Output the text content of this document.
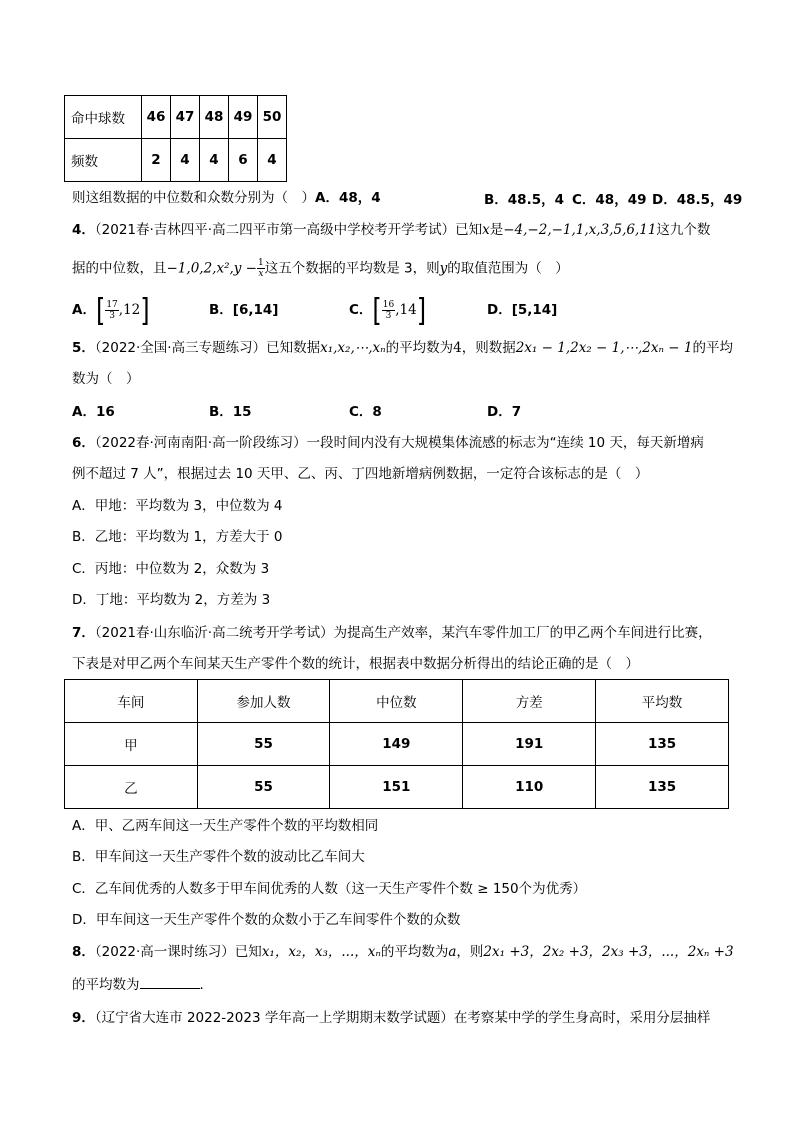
命中球数	46	47	48	49	50
频数	2	4	4	6	4
则这组数据的中位数和众数分别为（　）A．48，4	B．48.5，4 C．48，49 D．48.5，49
4．（2021春·吉林四平·高二四平市第一高级中学校考开学考试）已知x是−4,−2,−1,1,x,3,5,6,11这九个数
据的中位数，且$-1,0,2,x^2,y - \frac{1}{x}$ 这五个数据的平均数是 3，则y的取值范围为（　）
A．[ $\frac{17}{3} ,12$]	B．[6,14]	C．[ $\frac{16}{3} ,14$]	D．[5,14]
5．（2022·全国·高三专题练习）已知数据x₁,x₂,⋯,xₙ的平均数为4，则数据2x₁ − 1,2x₂ − 1,⋯,2xₙ − 1的平均
数为（　）
A．16	B．15	C．8	D．7
6．（2022春·河南南阳·高一阶段练习）一段时间内没有大规模集体流感的标志为“连续 10 天，每天新增病
例不超过 7 人”，根据过去 10 天甲、乙、丙、丁四地新增病例数据，一定符合该标志的是（　）
A．甲地：平均数为 3，中位数为 4
B．乙地：平均数为 1，方差大于 0
C．丙地：中位数为 2，众数为 3
D．丁地：平均数为 2，方差为 3
7．（2021春·山东临沂·高二统考开学考试）为提高生产效率，某汽车零件加工厂的甲乙两个车间进行比赛，
下表是对甲乙两个车间某天生产零件个数的统计，根据表中数据分析得出的结论正确的是（　）
车间	参加人数	中位数	方差	平均数
甲	55	149	191	135
乙	55	151	110	135
A．甲、乙两车间这一天生产零件个数的平均数相同
B．甲车间这一天生产零件个数的波动比乙车间大
C．乙车间优秀的人数多于甲车间优秀的人数（这一天生产零件个数 ≥ 150个为优秀）
D．甲车间这一天生产零件个数的众数小于乙车间零件个数的众数
8．（2022·高一课时练习）已知x₁，x₂，x₃，...，xₙ的平均数为a，则2x₁ +3，2x₂ +3，2x₃ +3，...，2xₙ +3
的平均数为	．
9．（辽宁省大连市 2022-2023 学年高一上学期期末数学试题）在考察某中学的学生身高时，采用分层抽样
